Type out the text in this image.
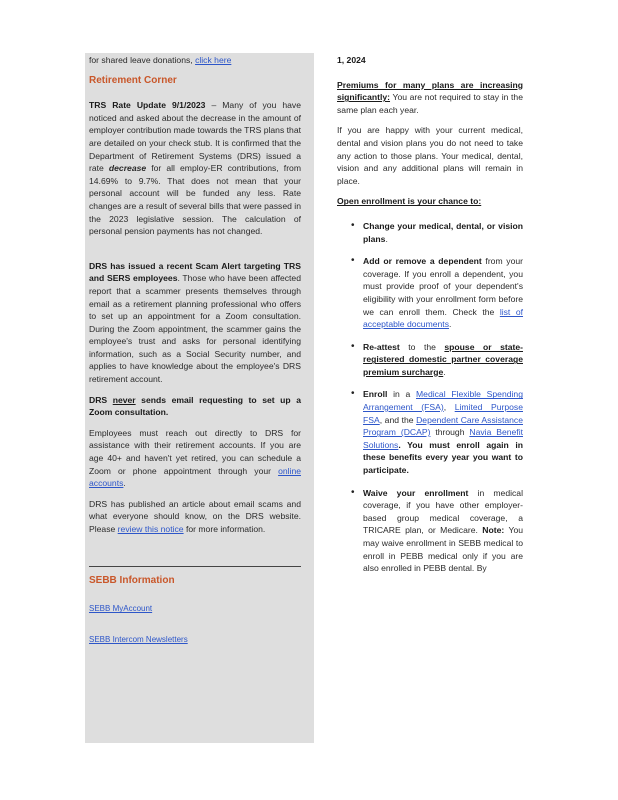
for shared leave donations, click here

Retirement Corner

TRS Rate Update 9/1/2023 – Many of you have noticed and asked about the decrease in the amount of employer contribution made towards the TRS plans that are detailed on your check stub. It is confirmed that the Department of Retirement Systems (DRS) issued a rate decrease for all employ-ER contributions, from 14.69% to 9.7%. That does not mean that your personal account will be funded any less. Rate changes are a result of several bills that were passed in the 2023 legislative session. The calculation of personal pension payments has not changed.

DRS has issued a recent Scam Alert targeting TRS and SERS employees. Those who have been affected report that a scammer presents themselves through email as a retirement planning professional who offers to set up an appointment for a Zoom consultation. During the Zoom appointment, the scammer gains the employee's trust and asks for personal identifying information, such as a Social Security number, and applies to have knowledge about the employee's DRS retirement account.

DRS never sends email requesting to set up a Zoom consultation.

Employees must reach out directly to DRS for assistance with their retirement accounts. If you are age 40+ and haven't yet retired, you can schedule a Zoom or phone appointment through your online accounts.

DRS has published an article about email scams and what everyone should know, on the DRS website. Please review this notice for more information.

SEBB Information
SEBB MyAccount
SEBB Intercom Newsletters

1, 2024

Premiums for many plans are increasing significantly: You are not required to stay in the same plan each year.

If you are happy with your current medical, dental and vision plans you do not need to take any action to those plans. Your medical, dental, vision and any additional plans will remain in place.

Open enrollment is your chance to:

• Change your medical, dental, or vision plans.
• Add or remove a dependent from your coverage. If you enroll a dependent, you must provide proof of your dependent's eligibility with your enrollment form before we can enroll them. Check the list of acceptable documents.
• Re-attest to the spouse or state-registered domestic partner coverage premium surcharge.
• Enroll in a Medical Flexible Spending Arrangement (FSA), Limited Purpose FSA, and the Dependent Care Assistance Program (DCAP) through Navia Benefit Solutions. You must enroll again in these benefits every year you want to participate.
• Waive your enrollment in medical coverage, if you have other employer-based group medical coverage, a TRICARE plan, or Medicare. Note: You may waive enrollment in SEBB medical to enroll in PEBB medical only if you are also enrolled in PEBB dental. By
